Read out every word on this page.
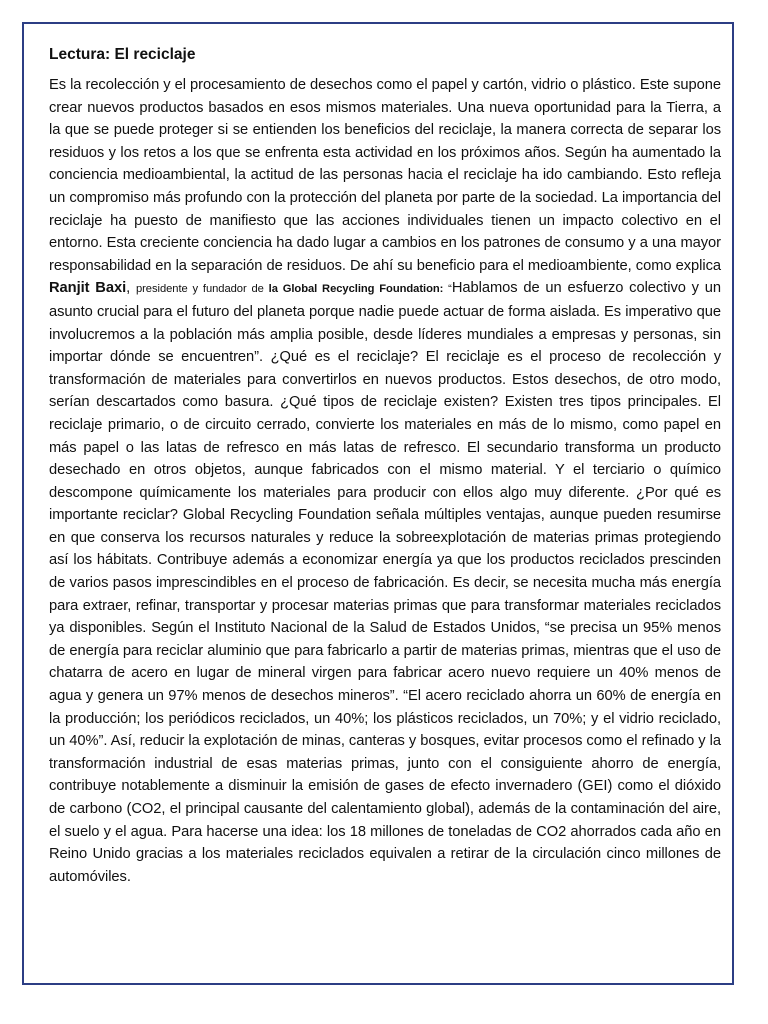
Lectura: El reciclaje

Es la recolección y el procesamiento de desechos como el papel y cartón, vidrio o plástico. Este supone crear nuevos productos basados en esos mismos materiales. Una nueva oportunidad para la Tierra, a la que se puede proteger si se entienden los beneficios del reciclaje, la manera correcta de separar los residuos y los retos a los que se enfrenta esta actividad en los próximos años. Según ha aumentado la conciencia medioambiental, la actitud de las personas hacia el reciclaje ha ido cambiando. Esto refleja un compromiso más profundo con la protección del planeta por parte de la sociedad. La importancia del reciclaje ha puesto de manifiesto que las acciones individuales tienen un impacto colectivo en el entorno. Esta creciente conciencia ha dado lugar a cambios en los patrones de consumo y a una mayor responsabilidad en la separación de residuos. De ahí su beneficio para el medioambiente, como explica Ranjit Baxi, presidente y fundador de la Global Recycling Foundation: “Hablamos de un esfuerzo colectivo y un asunto crucial para el futuro del planeta porque nadie puede actuar de forma aislada. Es imperativo que involucremos a la población más amplia posible, desde líderes mundiales a empresas y personas, sin importar dónde se encuentren”. ¿Qué es el reciclaje? El reciclaje es el proceso de recolección y transformación de materiales para convertirlos en nuevos productos. Estos desechos, de otro modo, serían descartados como basura. ¿Qué tipos de reciclaje existen? Existen tres tipos principales. El reciclaje primario, o de circuito cerrado, convierte los materiales en más de lo mismo, como papel en más papel o las latas de refresco en más latas de refresco. El secundario transforma un producto desechado en otros objetos, aunque fabricados con el mismo material. Y el terciario o químico descompone químicamente los materiales para producir con ellos algo muy diferente. ¿Por qué es importante reciclar? Global Recycling Foundation señala múltiples ventajas, aunque pueden resumirse en que conserva los recursos naturales y reduce la sobreexplotación de materias primas protegiendo así los hábitats. Contribuye además a economizar energía ya que los productos reciclados prescinden de varios pasos imprescindibles en el proceso de fabricación. Es decir, se necesita mucha más energía para extraer, refinar, transportar y procesar materias primas que para transformar materiales reciclados ya disponibles. Según el Instituto Nacional de la Salud de Estados Unidos, “se precisa un 95% menos de energía para reciclar aluminio que para fabricarlo a partir de materias primas, mientras que el uso de chatarra de acero en lugar de mineral virgen para fabricar acero nuevo requiere un 40% menos de agua y genera un 97% menos de desechos mineros”. “El acero reciclado ahorra un 60% de energía en la producción; los periódicos reciclados, un 40%; los plásticos reciclados, un 70%; y el vidrio reciclado, un 40%”. Así, reducir la explotación de minas, canteras y bosques, evitar procesos como el refinado y la transformación industrial de esas materias primas, junto con el consiguiente ahorro de energía, contribuye notablemente a disminuir la emisión de gases de efecto invernadero (GEI) como el dióxido de carbono (CO2, el principal causante del calentamiento global), además de la contaminación del aire, el suelo y el agua. Para hacerse una idea: los 18 millones de toneladas de CO2 ahorrados cada año en Reino Unido gracias a los materiales reciclados equivalen a retirar de la circulación cinco millones de automóviles.
